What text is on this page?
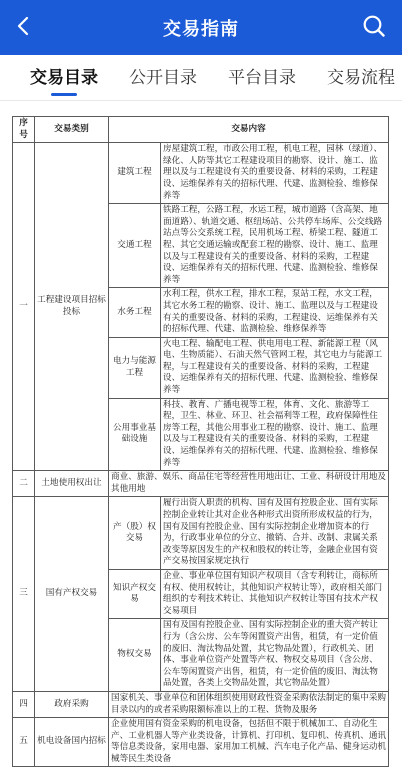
交易指南
交易目录 公开目录 平台目录 交易流程
序号	交易类别	交易内容	
一	工程建设项目招标投标	建筑工程	房屋建筑工程，市政公用工程，机电工程，园林（绿道）、绿化、人防等其它工程建设项目的勘察、设计、施工、监理以及与工程建设有关的重要设备、材料的采购，工程建设、运维保养有关的招标代理、代建、监测检验、维修保养等
		交通工程	铁路工程，公路工程，水运工程，城市道路（含高架、地面道路）、轨道交通、枢纽场站、公共停车场库、公交线路站点等公交系统工程，民用机场工程、桥梁工程、隧道工程、其它交通运输或配套工程的勘察、设计、施工、监理以及与工程建设有关的重要设备、材料的采购，工程建设、运维保养有关的招标代理、代建、监测检验、维修保养等
		水务工程	水利工程，供水工程，排水工程，泵站工程，水文工程，其它水务工程的勘察、设计、施工、监理以及与工程建设有关的重要设备、材料的采购，工程建设、运维保养有关的招标代理、代建、监测检验、维修保养等
		电力与能源工程	火电工程、输配电工程、供电用电工程、新能源工程（风电、生物质能）、石油天然气管网工程，其它电力与能源工程，与工程建设有关的重要设备、材料的采购，工程建设、运维保养有关的招标代理、代建、监测检验、维修保养等
		公用事业基础设施	科技、教育、广播电视等工程，体育、文化、旅游等工程，卫生、林业、环卫、社会福利等工程，政府保障性住房等工程，其他公用事业工程的勘察、设计、施工、监理以及与工程建设有关的重要设备、材料的采购，工程建设、运维保养有关的招标代理、代建、监测检验、维修保养等
二	土地使用权出让	商业、旅游、娱乐、商品住宅等经营性用地出让、工业、科研设计用地及其他用地	
三	国有产权交易	产（股）权交易	履行出资人职责的机构、国有及国有控股企业、国有实际控制企业转让其对企业各种形式出资所形成权益的行为，国有及国有控股企业、国有实际控制企业增加资本的行为，行政事业单位的分立、撤销、合并、改制、隶属关系改变等原因发生的产权和股权的转让等，金融企业国有资产交易按国家规定执行
		知识产权交易	企业、事业单位国有知识产权项目（含专利转让，商标所有权、使用权转让，其他知识产权转让等），政府相关部门组织的专利技术转让、其他知识产权转让等国有技术产权交易项目
		物权交易	国有及国有控股企业、国有实际控制企业的重大资产转让行为（含公房、公车等闲置资产出售，租赁，有一定价值的废旧、淘汰物品处置，其它物品处置），行政机关、团体、事业单位资产处置等产权、物权交易项目（含公房、公车等闲置资产出售，租赁，有一定价值的废旧、淘汰物品处置，各类上交物品处置，其它物品处置）
四	政府采购	国家机关、事业单位和团体组织使用财政性资金采购依法制定的集中采购目录以内的或者采购限额标准以上的工程、货物及服务	
五	机电设备国内招标	企业使用国有资金采购的机电设备，包括但不限于机械加工、自动化生产、工业机器人等产业类设备，计算机、打印机、复印机、传真机、通讯等信息类设备，家用电器、家用加工机械、汽车电子化产品、健身运动机械等民生类设备	
